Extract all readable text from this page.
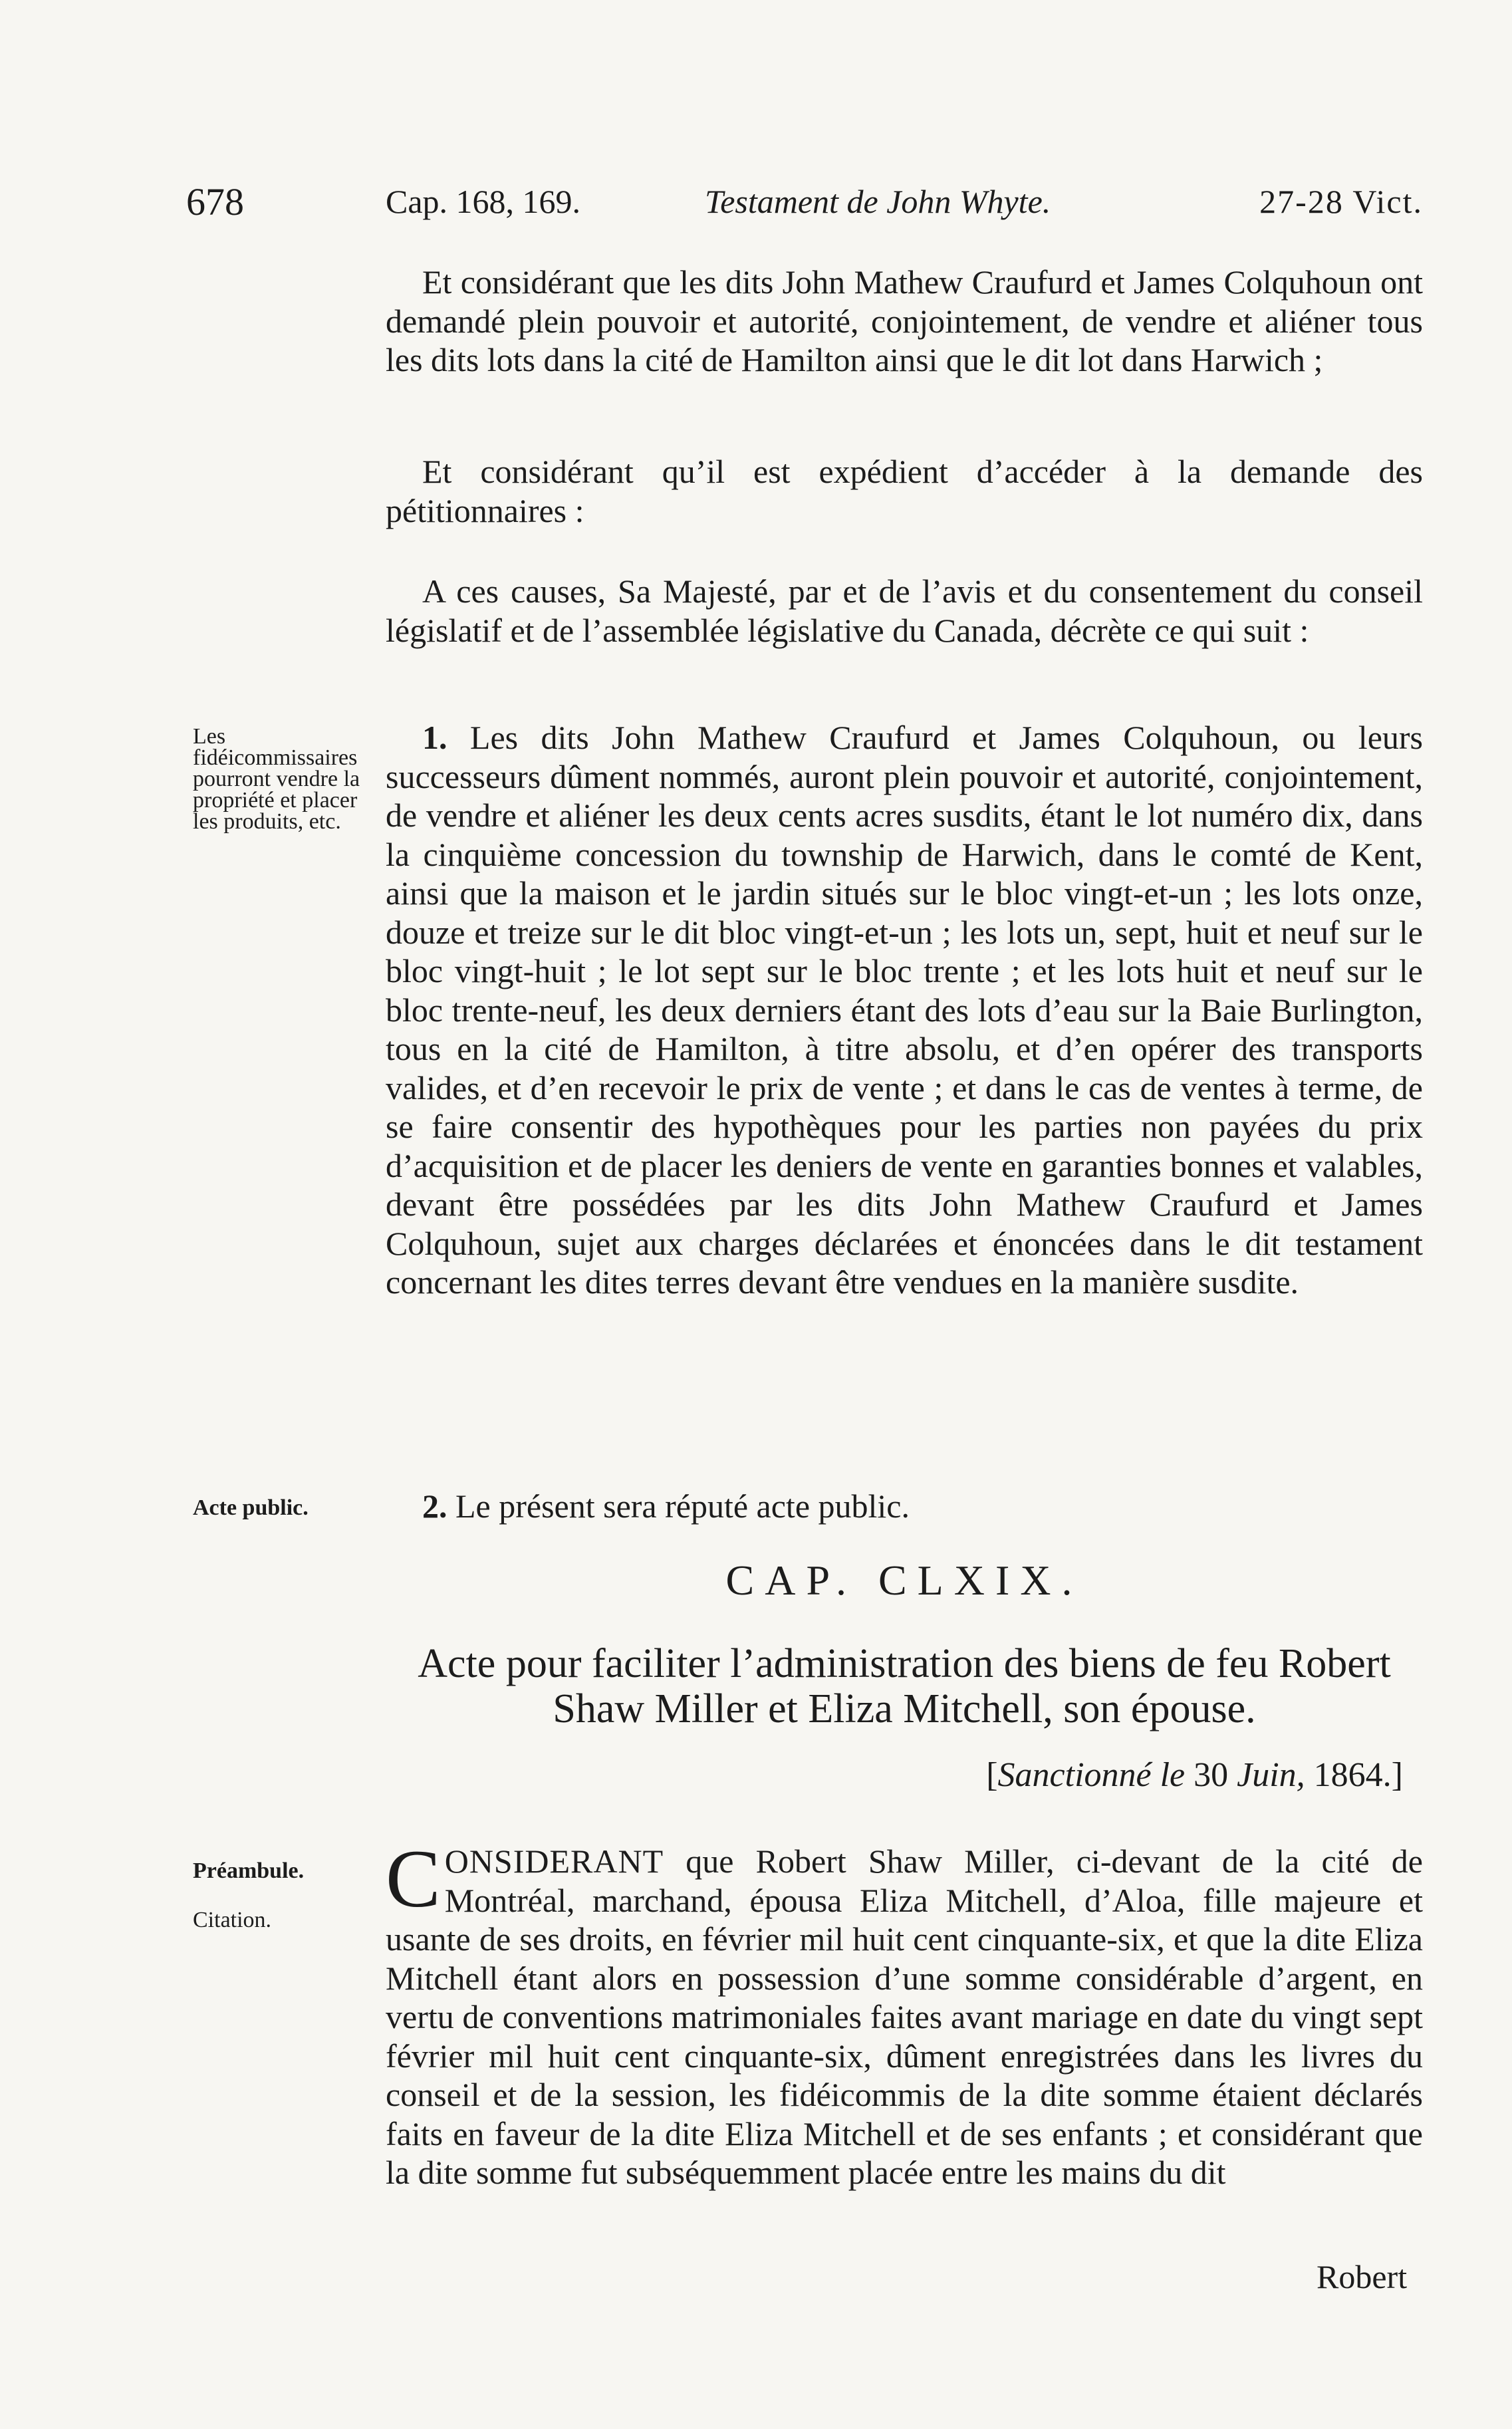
678	Cap. 168, 169.	Testament de John Whyte.	27-28 Vict.

Et considérant que les dits John Mathew Craufurd et James Colquhoun ont demandé plein pouvoir et autorité, conjointement, de vendre et aliéner tous les dits lots dans la cité de Hamilton ainsi que le dit lot dans Harwich ;

Et considérant qu’il est expédient d’accéder à la demande des pétitionnaires :

A ces causes, Sa Majesté, par et de l’avis et du consentement du conseil législatif et de l’assemblée législative du Canada, décrète ce qui suit :

Les fidéicommissaires pourront vendre la propriété et placer les produits, etc.

1. Les dits John Mathew Craufurd et James Colquhoun, ou leurs successeurs dûment nommés, auront plein pouvoir et autorité, conjointement, de vendre et aliéner les deux cents acres susdits, étant le lot numéro dix, dans la cinquième concession du township de Harwich, dans le comté de Kent, ainsi que la maison et le jardin situés sur le bloc vingt-et-un ; les lots onze, douze et treize sur le dit bloc vingt-et-un ; les lots un, sept, huit et neuf sur le bloc vingt-huit ; le lot sept sur le bloc trente ; et les lots huit et neuf sur le bloc trente-neuf, les deux derniers étant des lots d’eau sur la Baie Burlington, tous en la cité de Hamilton, à titre absolu, et d’en opérer des transports valides, et d’en recevoir le prix de vente ; et dans le cas de ventes à terme, de se faire consentir des hypothèques pour les parties non payées du prix d’acquisition et de placer les deniers de vente en garanties bonnes et valables, devant être possédées par les dits John Mathew Craufurd et James Colquhoun, sujet aux charges déclarées et énoncées dans le dit testament concernant les dites terres devant être vendues en la manière susdite.

Acte public.	2. Le présent sera réputé acte public.

CAP. CLXIX.

Acte pour faciliter l’administration des biens de feu Robert Shaw Miller et Eliza Mitchell, son épouse.

[Sanctionné le 30 Juin, 1864.]

Préambule.

Citation.	CONSIDERANT que Robert Shaw Miller, ci-devant de la cité de Montréal, marchand, épousa Eliza Mitchell, d’Aloa, fille majeure et usante de ses droits, en février mil huit cent cinquante-six, et que la dite Eliza Mitchell étant alors en possession d’une somme considérable d’argent, en vertu de conventions matrimoniales faites avant mariage en date du vingt sept février mil huit cent cinquante-six, dûment enregistrées dans les livres du conseil et de la session, les fidéicommis de la dite somme étaient déclarés faits en faveur de la dite Eliza Mitchell et de ses enfants ; et considérant que la dite somme fut subséquemment placée entre les mains du dit

Robert
